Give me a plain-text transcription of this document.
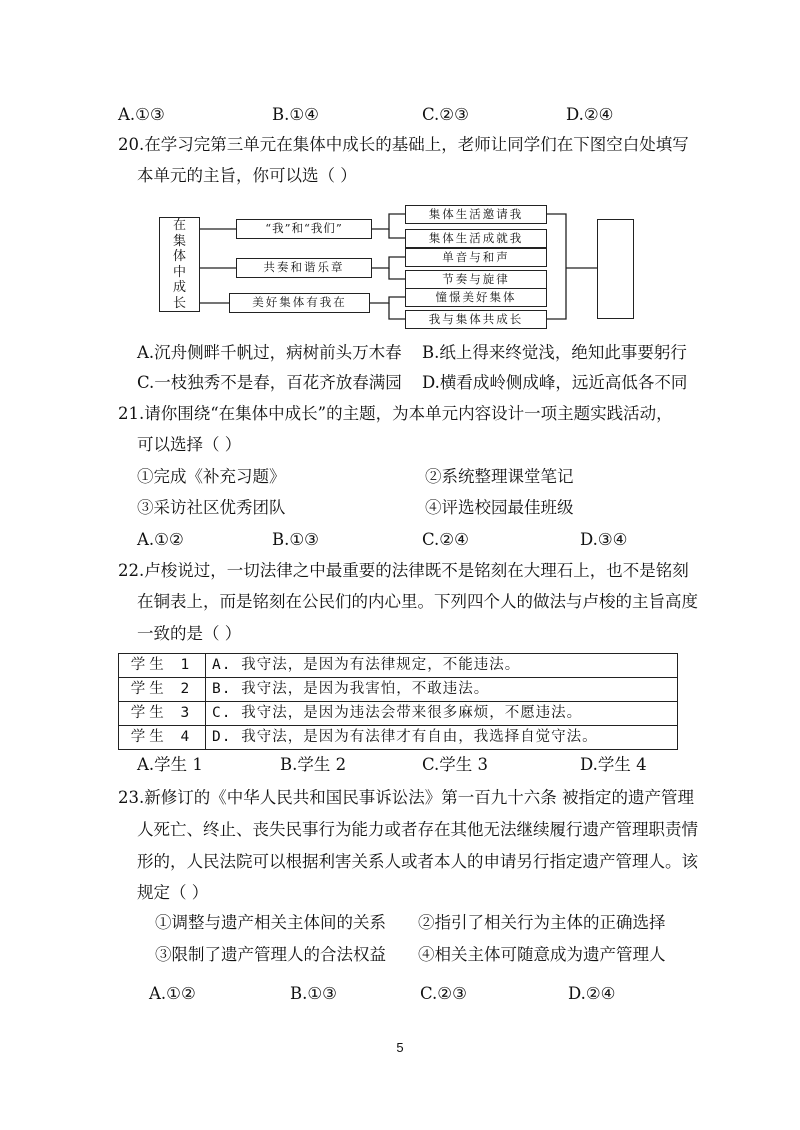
A.①③	B.①④	C.②③	D.②④
20.在学习完第三单元在集体中成长的基础上，老师让同学们在下图空白处填写
本单元的主旨，你可以选（ ）
在
集
体
中
成
长
“我”和“我们”
共奏和谐乐章
美好集体有我在
集体生活邀请我
集体生活成就我
单音与和声
节奏与旋律
憧憬美好集体
我与集体共成长
A.沉舟侧畔千帆过，病树前头万木春 B.纸上得来终觉浅，绝知此事要躬行
C.一枝独秀不是春，百花齐放春满园 D.横看成岭侧成峰，远近高低各不同
21.请你围绕“在集体中成长”的主题，为本单元内容设计一项主题实践活动，
可以选择（ ）
①完成《补充习题》	②系统整理课堂笔记
③采访社区优秀团队	④评选校园最佳班级
A.①②	B.①③	C.②④	D.③④
22.卢梭说过，一切法律之中最重要的法律既不是铭刻在大理石上，也不是铭刻
在铜表上，而是铭刻在公民们的内心里。下列四个人的做法与卢梭的主旨高度
一致的是（ ）
学生 1	A. 我守法，是因为有法律规定，不能违法。
学生 2	B. 我守法，是因为我害怕，不敢违法。
学生 3	C. 我守法，是因为违法会带来很多麻烦，不愿违法。
学生 4	D. 我守法，是因为有法律才有自由，我选择自觉守法。
A.学生 1	B.学生 2	C.学生 3	D.学生 4
23.新修订的《中华人民共和国民事诉讼法》第一百九十六条 被指定的遗产管理
人死亡、终止、丧失民事行为能力或者存在其他无法继续履行遗产管理职责情
形的，人民法院可以根据利害关系人或者本人的申请另行指定遗产管理人。该
规定（ ）
①调整与遗产相关主体间的关系 ②指引了相关行为主体的正确选择
③限制了遗产管理人的合法权益 ④相关主体可随意成为遗产管理人
A.①②	B.①③	C.②③	D.②④
5
